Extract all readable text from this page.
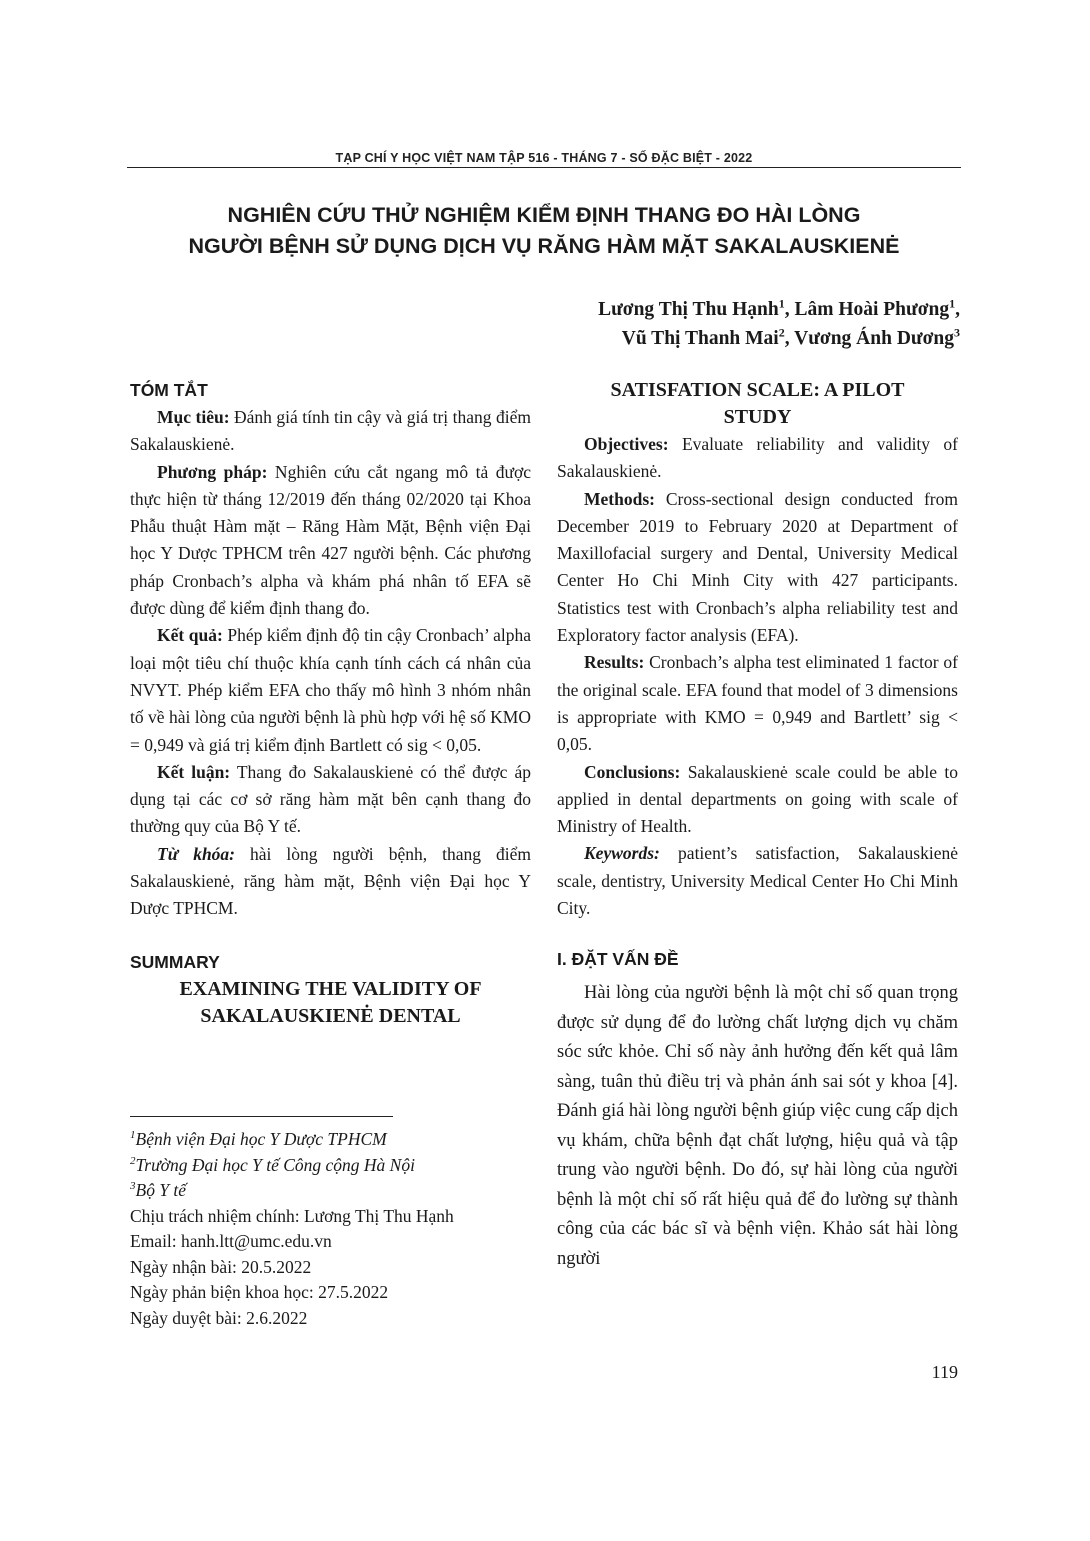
TẠP CHÍ Y HỌC VIỆT NAM TẬP 516 - THÁNG 7 - SỐ ĐẶC BIỆT - 2022
NGHIÊN CỨU THỬ NGHIỆM KIỂM ĐỊNH THANG ĐO HÀI LÒNG
NGƯỜI BỆNH SỬ DỤNG DỊCH VỤ RĂNG HÀM MẶT SAKALAUSKIENĖ
Lương Thị Thu Hạnh$^1$, Lâm Hoài Phương$^1$,
Vũ Thị Thanh Mai$^2$, Vương Ánh Dương$^3$
TÓM TẮT

Mục tiêu: Đánh giá tính tin cậy và giá trị thang điểm Sakalauskienė.

Phương pháp: Nghiên cứu cắt ngang mô tả được thực hiện từ tháng 12/2019 đến tháng 02/2020 tại Khoa Phẫu thuật Hàm mặt – Răng Hàm Mặt, Bệnh viện Đại học Y Dược TPHCM trên 427 người bệnh. Các phương pháp Cronbach’s alpha và khám phá nhân tố EFA sẽ được dùng để kiểm định thang đo.

Kết quả: Phép kiểm định độ tin cậy Cronbach’ alpha loại một tiêu chí thuộc khía cạnh tính cách cá nhân của NVYT. Phép kiểm EFA cho thấy mô hình 3 nhóm nhân tố về hài lòng của người bệnh là phù hợp với hệ số KMO = 0,949 và giá trị kiểm định Bartlett có sig < 0,05.

Kết luận: Thang đo Sakalauskienė có thể được áp dụng tại các cơ sở răng hàm mặt bên cạnh thang đo thường quy của Bộ Y tế.

Từ khóa: hài lòng người bệnh, thang điểm Sakalauskienė, răng hàm mặt, Bệnh viện Đại học Y Dược TPHCM.

SUMMARY

EXAMINING THE VALIDITY OF
SAKALAUSKIENĖ DENTAL

$^1$Bệnh viện Đại học Y Dược TPHCM
$^2$Trường Đại học Y tế Công cộng Hà Nội
$^3$Bộ Y tế
Chịu trách nhiệm chính: Lương Thị Thu Hạnh
Email: hanh.ltt@umc.edu.vn
Ngày nhận bài: 20.5.2022
Ngày phản biện khoa học: 27.5.2022
Ngày duyệt bài: 2.6.2022

SATISFATION SCALE: A PILOT
STUDY

Objectives: Evaluate reliability and validity of Sakalauskienė.

Methods: Cross-sectional design conducted from December 2019 to February 2020 at Department of Maxillofacial surgery and Dental, University Medical Center Ho Chi Minh City with 427 participants. Statistics test with Cronbach’s alpha reliability test and Exploratory factor analysis (EFA).

Results: Cronbach’s alpha test eliminated 1 factor of the original scale. EFA found that model of 3 dimensions is appropriate with KMO = 0,949 and Bartlett’ sig < 0,05.

Conclusions: Sakalauskienė scale could be able to applied in dental departments on going with scale of Ministry of Health.

Keywords: patient’s satisfaction, Sakalauskienė scale, dentistry, University Medical Center Ho Chi Minh City.

I. ĐẶT VẤN ĐỀ

Hài lòng của người bệnh là một chỉ số quan trọng được sử dụng để đo lường chất lượng dịch vụ chăm sóc sức khỏe. Chỉ số này ảnh hưởng đến kết quả lâm sàng, tuân thủ điều trị và phản ánh sai sót y khoa [4]. Đánh giá hài lòng người bệnh giúp việc cung cấp dịch vụ khám, chữa bệnh đạt chất lượng, hiệu quả và tập trung vào người bệnh. Do đó, sự hài lòng của người bệnh là một chỉ số rất hiệu quả để đo lường sự thành công của các bác sĩ và bệnh viện. Khảo sát hài lòng người

119
